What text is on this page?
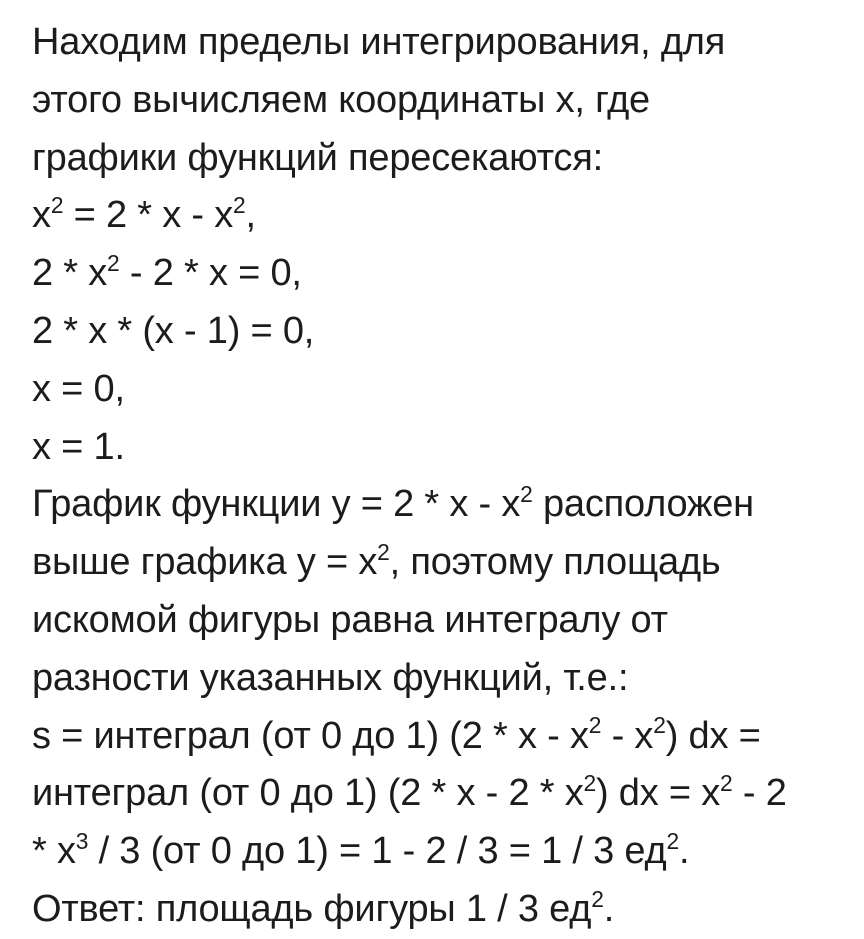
Находим пределы интегрирования, для
этого вычисляем координаты x, где
графики функций пересекаются:
$x^2 = 2 * x - x^2$,
$2 * x^2 - 2 * x = 0$,
2 * x * (x - 1) = 0,
x = 0,
x = 1.
График функции $y = 2 * x - x^2$ расположен
выше графика $y = x^2$, поэтому площадь
искомой фигуры равна интегралу от
разности указанных функций, т.е.:
s = интеграл (от 0 до 1) (2 * x - $x^2 - x^2$) dx =
интеграл (от 0 до 1) (2 * x - $2 * x^2$) dx = $x^2 - 2$
* $x^3 / 3$ (от 0 до 1) = 1 - 2 / 3 = 1 / 3 $ед^2$.
Ответ: площадь фигуры 1 / 3 $ед^2$.
